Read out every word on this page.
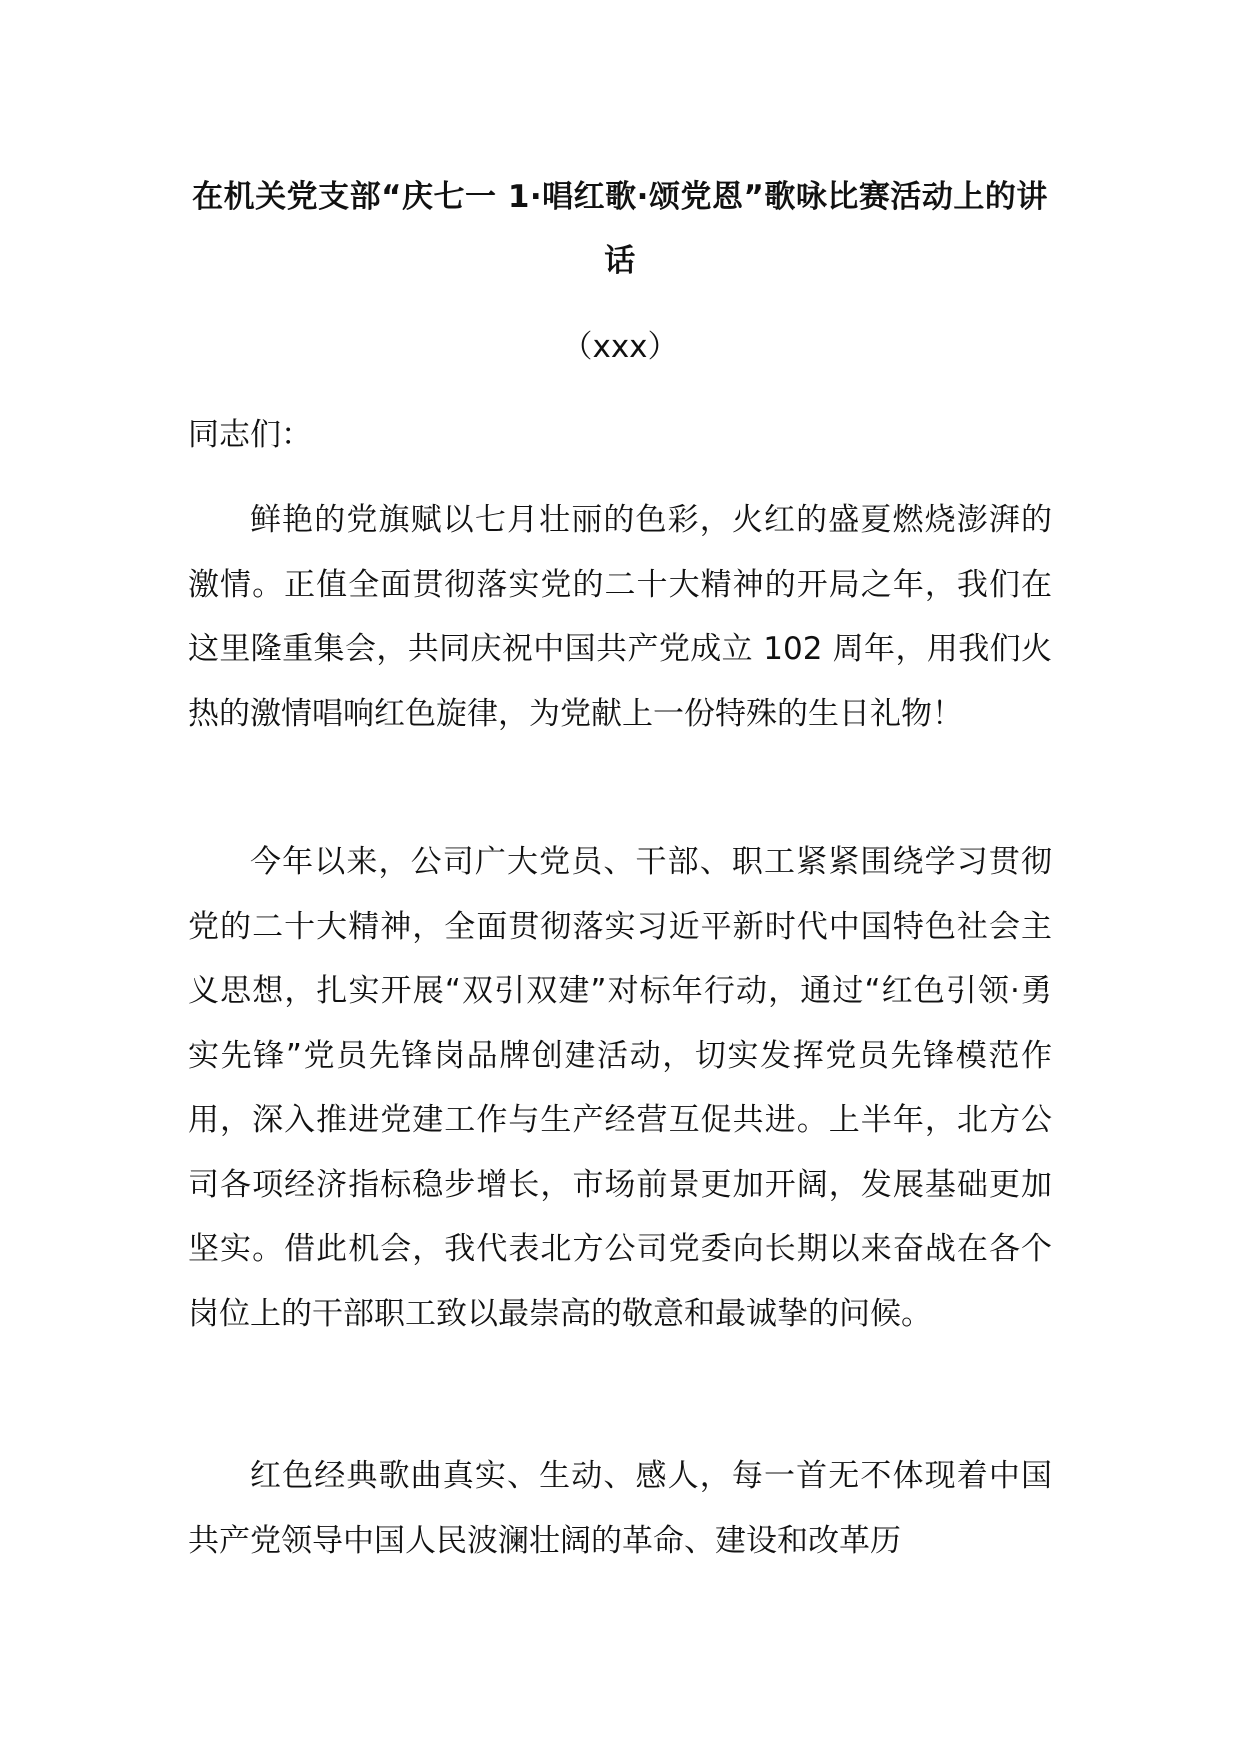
在机关党支部“庆七一 1·唱红歌·颂党恩”歌咏比赛活动上的讲话
（xxx）
同志们：

鲜艳的党旗赋以七月壮丽的色彩，火红的盛夏燃烧澎湃的激情。正值全面贯彻落实党的二十大精神的开局之年，我们在这里隆重集会，共同庆祝中国共产党成立 102 周年，用我们火热的激情唱响红色旋律，为党献上一份特殊的生日礼物！

今年以来，公司广大党员、干部、职工紧紧围绕学习贯彻党的二十大精神，全面贯彻落实习近平新时代中国特色社会主义思想，扎实开展“双引双建”对标年行动，通过“红色引领·勇实先锋”党员先锋岗品牌创建活动，切实发挥党员先锋模范作用，深入推进党建工作与生产经营互促共进。上半年，北方公司各项经济指标稳步增长，市场前景更加开阔，发展基础更加坚实。借此机会，我代表北方公司党委向长期以来奋战在各个岗位上的干部职工致以最崇高的敬意和最诚挚的问候。

红色经典歌曲真实、生动、感人，每一首无不体现着中国共产党领导中国人民波澜壮阔的革命、建设和改革历
